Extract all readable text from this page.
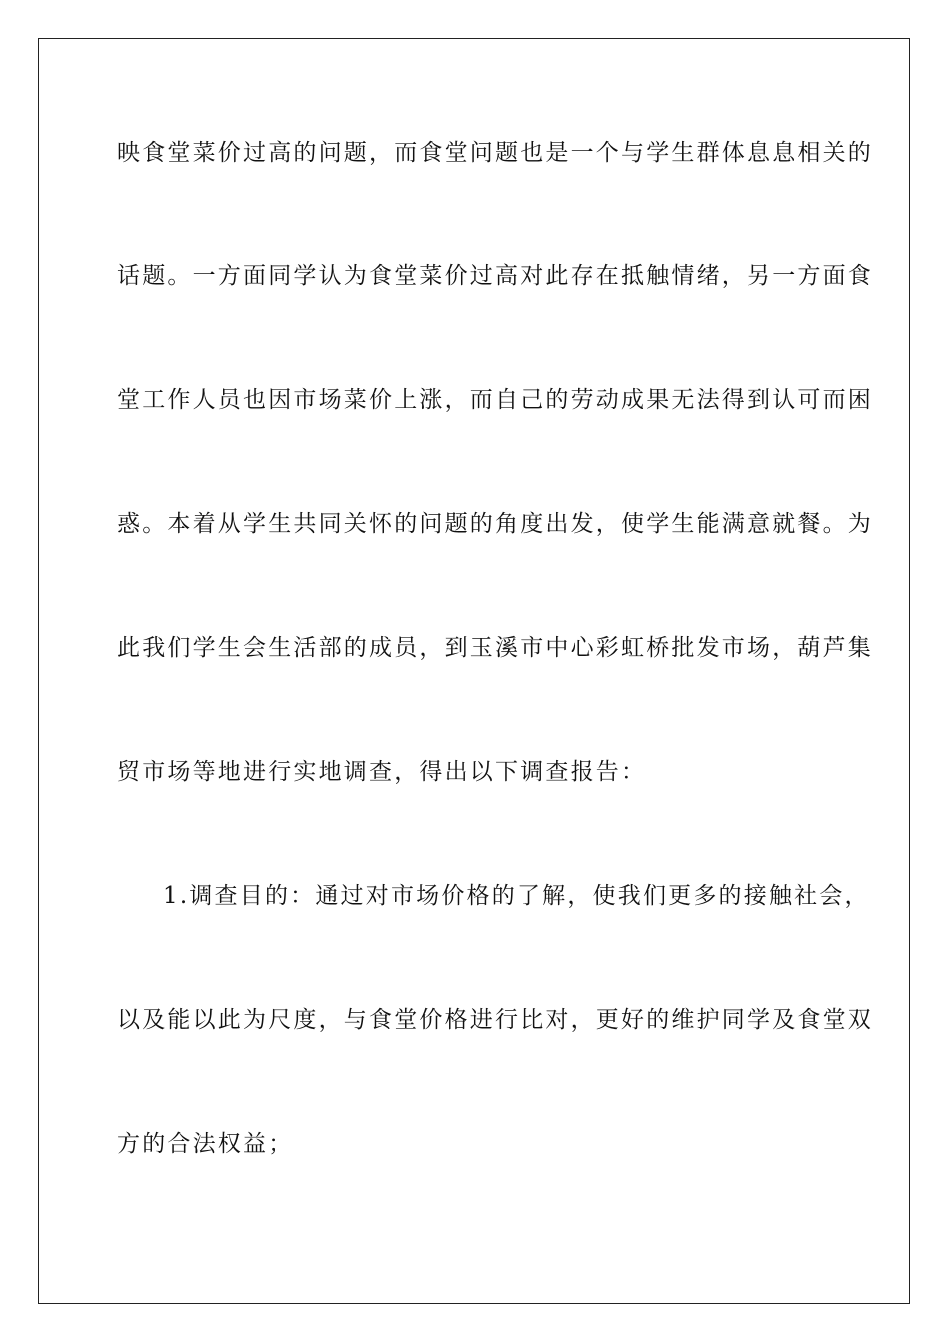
映食堂菜价过高的问题，而食堂问题也是一个与学生群体息息相关的

话题。一方面同学认为食堂菜价过高对此存在抵触情绪，另一方面食

堂工作人员也因市场菜价上涨，而自己的劳动成果无法得到认可而困

惑。本着从学生共同关怀的问题的角度出发，使学生能满意就餐。为

此我们学生会生活部的成员，到玉溪市中心彩虹桥批发市场，葫芦集

贸市场等地进行实地调查，得出以下调查报告：

1.调查目的：通过对市场价格的了解，使我们更多的接触社会，

以及能以此为尺度，与食堂价格进行比对，更好的维护同学及食堂双

方的合法权益；
